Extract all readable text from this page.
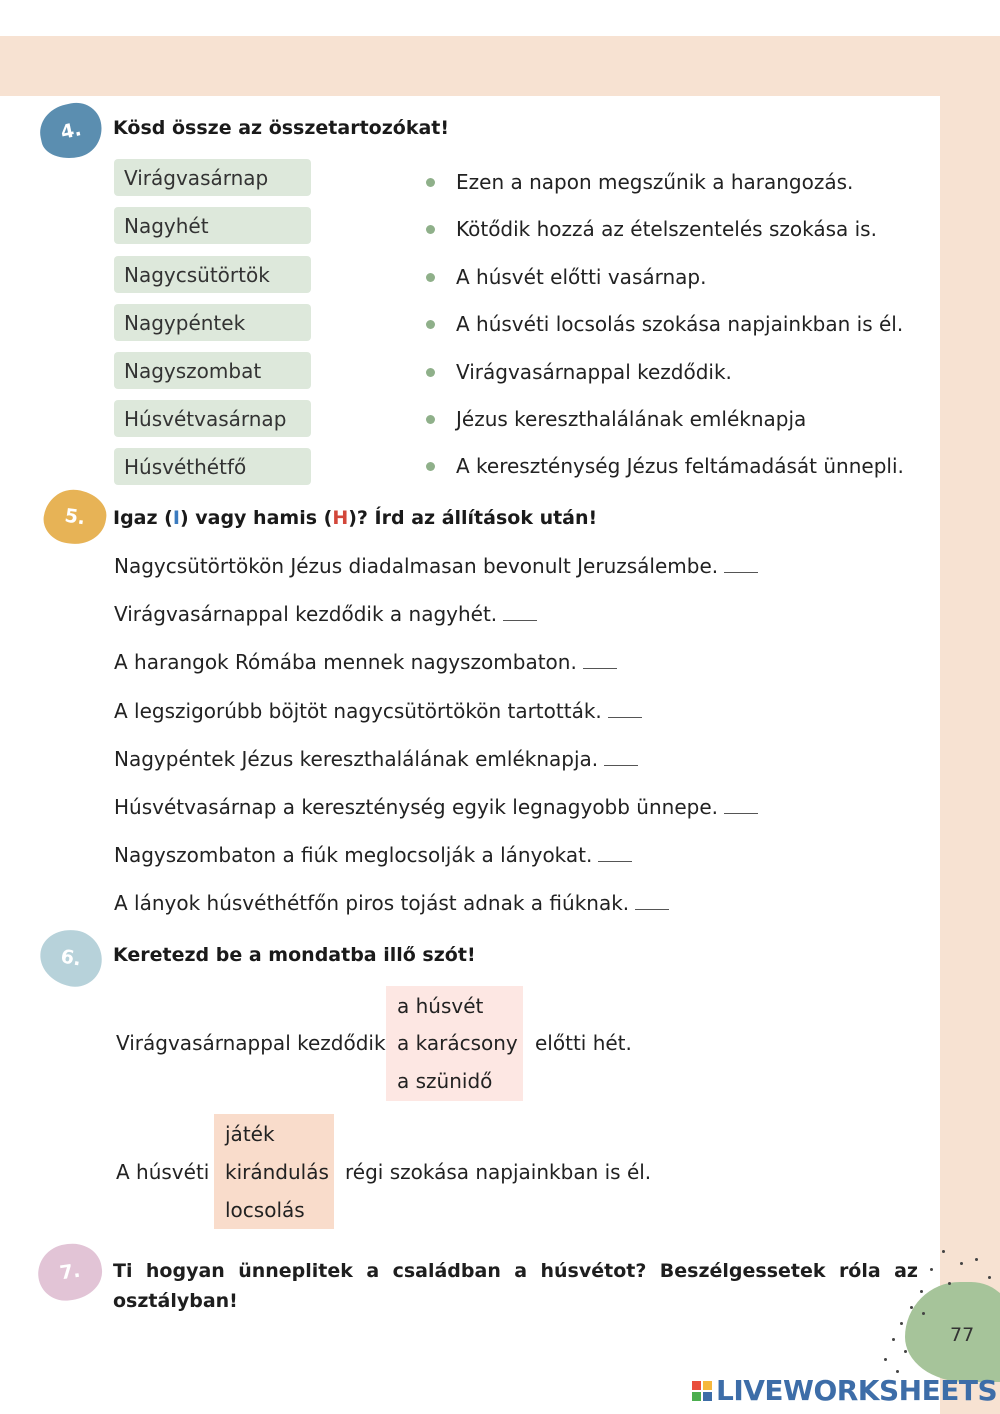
4. Kösd össze az összetartozókat!
Virágvasárnap
Nagyhét
Nagycsütörtök
Nagypéntek
Nagyszombat
Húsvétvasárnap
Húsvéthétfő
Ezen a napon megszűnik a harangozás.
Kötődik hozzá az ételszentelés szokása is.
A húsvét előtti vasárnap.
A húsvéti locsolás szokása napjainkban is él.
Virágvasárnappal kezdődik.
Jézus kereszthalálának emléknapja
A kereszténység Jézus feltámadását ünnepli.
5. Igaz (I) vagy hamis (H)? Írd az állítások után!
Nagycsütörtökön Jézus diadalmasan bevonult Jeruzsálembe.
Virágvasárnappal kezdődik a nagyhét.
A harangok Rómába mennek nagyszombaton.
A legszigorúbb böjtöt nagycsütörtökön tartották.
Nagypéntek Jézus kereszthalálának emléknapja.
Húsvétvasárnap a kereszténység egyik legnagyobb ünnepe.
Nagyszombaton a fiúk meglocsolják a lányokat.
A lányok húsvéthétfőn piros tojást adnak a fiúknak.
6. Keretezd be a mondatba illő szót!
Virágvasárnappal kezdődik
a húsvét
a karácsony
a szünidő
előtti hét.
A húsvéti
játék
kirándulás
locsolás
régi szokása napjainkban is él.
7. Ti hogyan ünneplitek a családban a húsvétot? Beszélgessetek róla az osztályban!
77
LIVEWORKSHEETS
